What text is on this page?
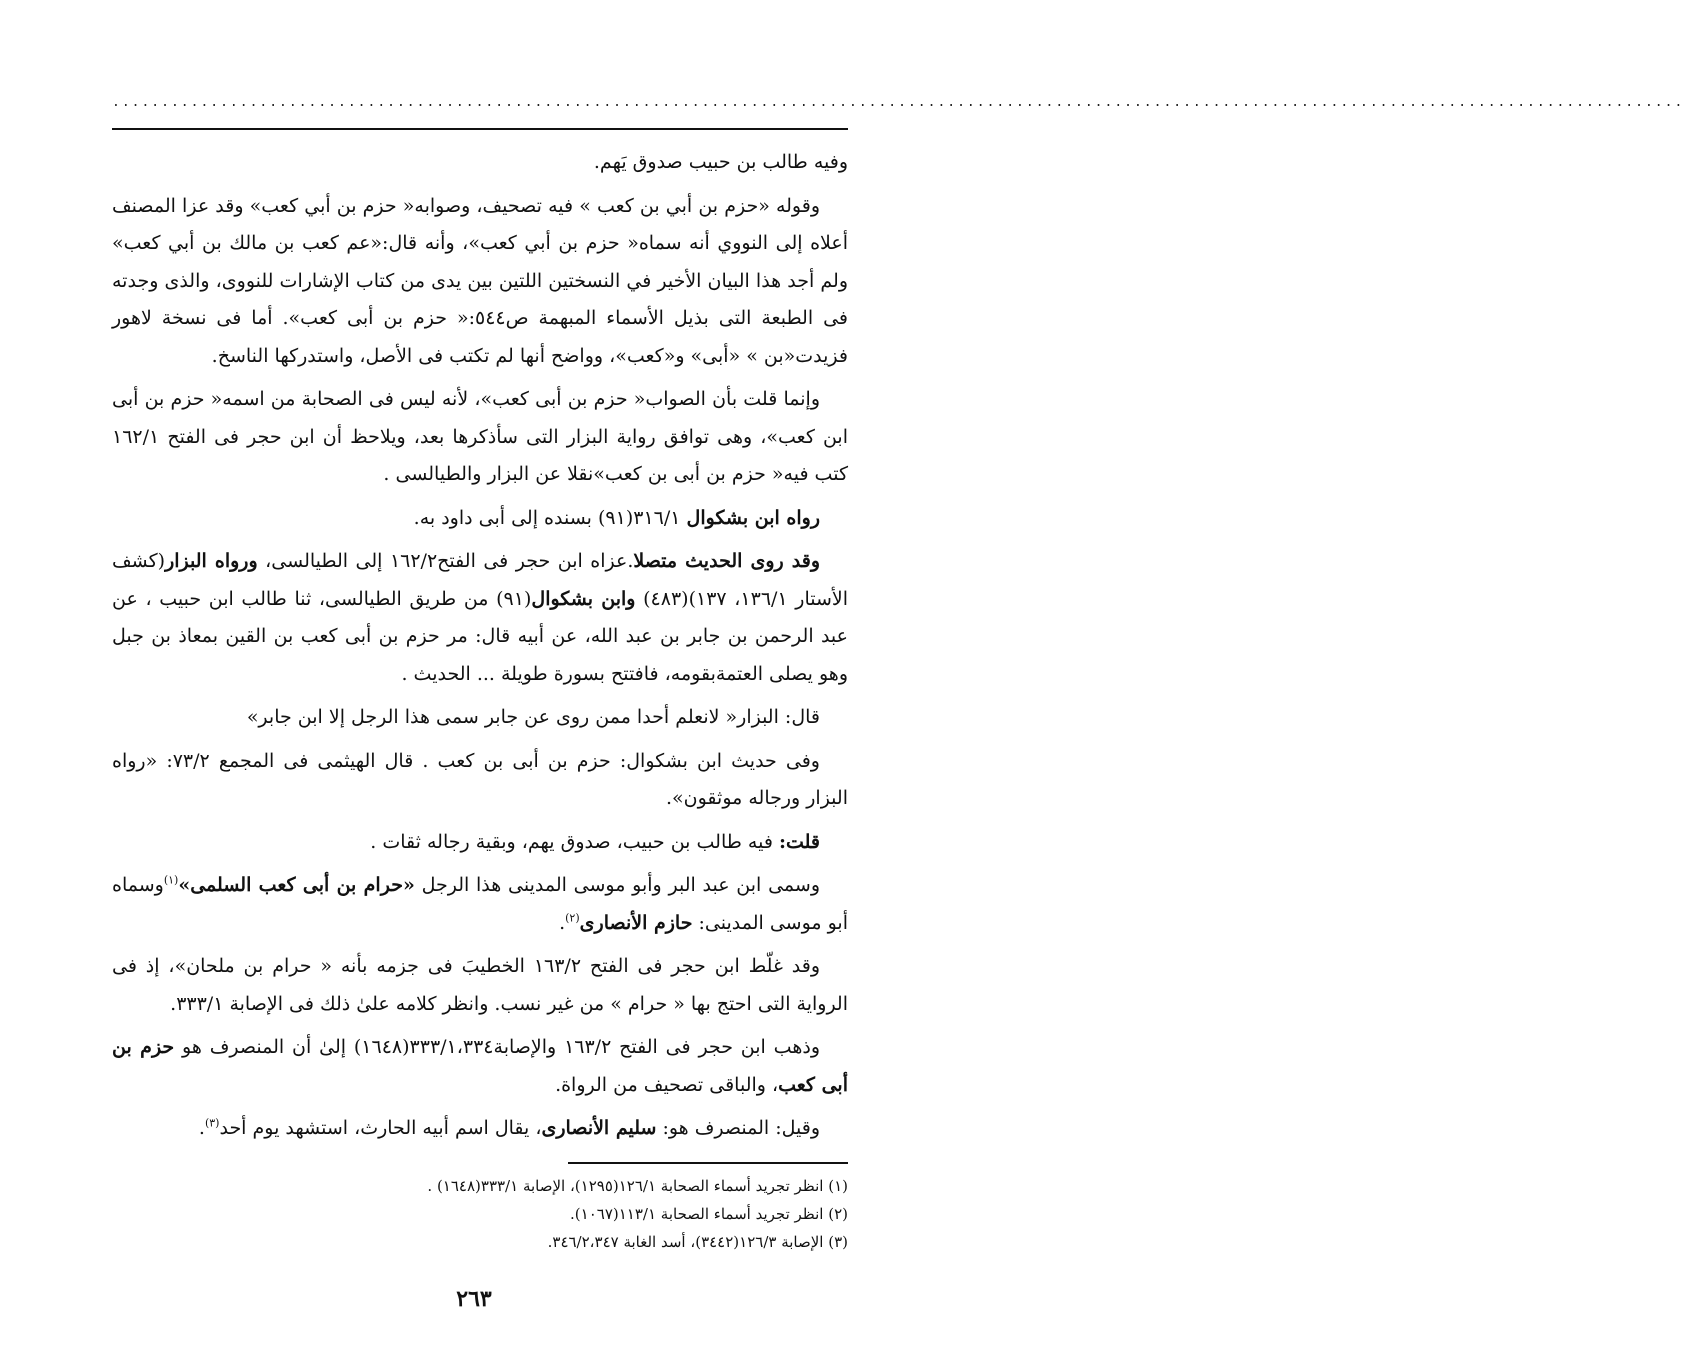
................................................................................................................................................................

وفيه طالب بن حبيب صدوق يَهم.

وقوله «حزم بن أبي بن كعب » فيه تصحيف، وصوابه« حزم بن أبي كعب» وقد عزا المصنف أعلاه إلى النووي أنه سماه« حزم بن أبي كعب»، وأنه قال:«عم كعب بن مالك بن أبي كعب» ولم أجد هذا البيان الأخير في النسختين اللتين بين يدى من كتاب الإشارات للنووى، والذى وجدته فى الطبعة التى بذيل الأسماء المبهمة ص٥٤٤:« حزم بن أبى كعب». أما فى نسخة لاهور فزيدت«بن » «أبى» و«كعب»، وواضح أنها لم تكتب فى الأصل، واستدركها الناسخ.

وإنما قلت بأن الصواب« حزم بن أبى كعب»، لأنه ليس فى الصحابة من اسمه« حزم بن أبى ابن كعب»، وهى توافق رواية البزار التى سأذكرها بعد، ويلاحظ أن ابن حجر فى الفتح ١٦٢/١ كتب فيه« حزم بن أبى بن كعب»نقلا عن البزار والطيالسى .

رواه ابن بشكوال ٣١٦/١(٩١) بسنده إلى أبى داود به.

وقد روى الحديث متصلا.عزاه ابن حجر فى الفتح١٦٢/٢ إلى الطيالسى، ورواه البزار(كشف الأستار ١٣٦/١، ١٣٧)(٤٨٣) وابن بشكوال(٩١) من طريق الطيالسى، ثنا طالب ابن حبيب ، عن عبد الرحمن بن جابر بن عبد الله، عن أبيه قال: مر حزم بن أبى كعب بن القين بمعاذ بن جبل وهو يصلى العتمةبقومه، فافتتح بسورة طويلة ... الحديث .

قال: البزار« لانعلم أحدا ممن روى عن جابر سمى هذا الرجل إلا ابن جابر»

وفى حديث ابن بشكوال: حزم بن أبى بن كعب . قال الهيثمى فى المجمع ٧٣/٢: «رواه البزار ورجاله موثقون».

قلت: فيه طالب بن حبيب، صدوق يهم، وبقية رجاله ثقات .

وسمى ابن عبد البر وأبو موسى المدينى هذا الرجل «حرام بن أبى كعب السلمى»$^{(١)}$وسماه أبو موسى المدينى: حازم الأنصارى$^{(٢)}$.

وقد غلّط ابن حجر فى الفتح ١٦٣/٢ الخطيبَ فى جزمه بأنه « حرام بن ملحان»، إذ فى الرواية التى احتج بها « حرام » من غير نسب. وانظر كلامه علىٰ ذلك فى الإصابة ٣٣٣/١.

وذهب ابن حجر فى الفتح ١٦٣/٢ والإصابة٣٣٣/١،٣٣٤(١٦٤٨) إلىٰ أن المنصرف هو حزم بن أبى كعب، والباقى تصحيف من الرواة.

وقيل: المنصرف هو: سليم الأنصارى، يقال اسم أبيه الحارث، استشهد يوم أحد$^{(٣)}$.

(١) انظر تجريد أسماء الصحابة ١٢٦/١(١٢٩٥)، الإصابة ٣٣٣/١(١٦٤٨) .

(٢) انظر تجريد أسماء الصحابة ١١٣/١(١٠٦٧).

(٣) الإصابة ١٢٦/٣(٣٤٤٢)، أسد الغابة ٣٤٦/٢،٣٤٧.

٢٦٣
